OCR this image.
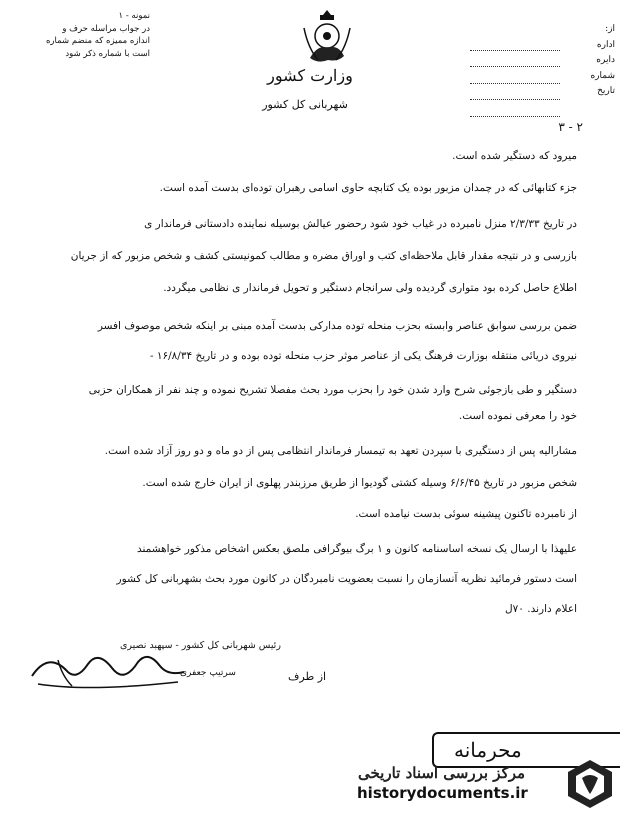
از:
اداره
دایره
شماره
تاریخ
وزارت کشور
شهربانی کل کشور
نمونه - ۱
در جواب مراسله حرف و
اندازه ممیزه که منضم شماره
است با شماره ذکر شود
۲ - ۳
میرود که دستگیر شده است.
جزء کتابهائی که در چمدان مزبور بوده یک کتابچه حاوی اسامی رهبران توده‌ای بدست آمده است.
در تاریخ ۲/۳/۳۳ منزل نامبرده در غیاب خود شود رحضور عیالش بوسیله نماینده دادستانی فرماندار ی
بازرسی و در نتیجه مقدار قابل ملاحظه‌ای کتب و اوراق مضره و مطالب کمونیستی کشف و شخص مزبور که از جریان
اطلاع حاصل کرده بود متواری گردیده ولی سرانجام دستگیر و تحویل فرماندار ی نظامی میگردد.
ضمن بررسی سوابق عناصر وابسته بحزب منحله توده مدارکی بدست آمده مبنی بر اینکه شخص موصوف افسر
نیروی دریائی منتقله بوزارت فرهنگ یکی از عناصر موثر حزب منحله توده بوده و در تاریخ ۱۶/۸/۳۴ -
دستگیر و طی بازجوئی شرح وارد شدن خود را بحزب مورد بحث مفصلا تشریح نموده و چند نفر از همکاران حزبی
خود را معرفی نموده است.
مشارالیه پس از دستگیری با سپردن تعهد به تیمسار فرماندار انتظامی پس از دو ماه و دو روز آزاد شده است.
شخص مزبور در تاریخ ۶/۶/۴۵ وسیله کشتی گودیوا از طریق مرزبندر پهلوی از ایران خارج شده است.
از نامبرده تاکنون پیشینه سوئی بدست نیامده است.
علیهذا با ارسال یک نسخه اساسنامه کانون و ۱ برگ بیوگرافی ملصق بعکس اشخاص مذکور خواهشمند
است دستور فرمائید نظریه آنسازمان را نسبت بعضویت نامبردگان در کانون مورد بحث بشهربانی کل کشور
اعلام دارند. ۷۰ل
رئیس شهربانی کل کشور - سپهبد نصیری
سرتیپ جعفری	از طرف
محرمانه
مرکز بررسی اسناد تاریخی
historydocuments.ir
